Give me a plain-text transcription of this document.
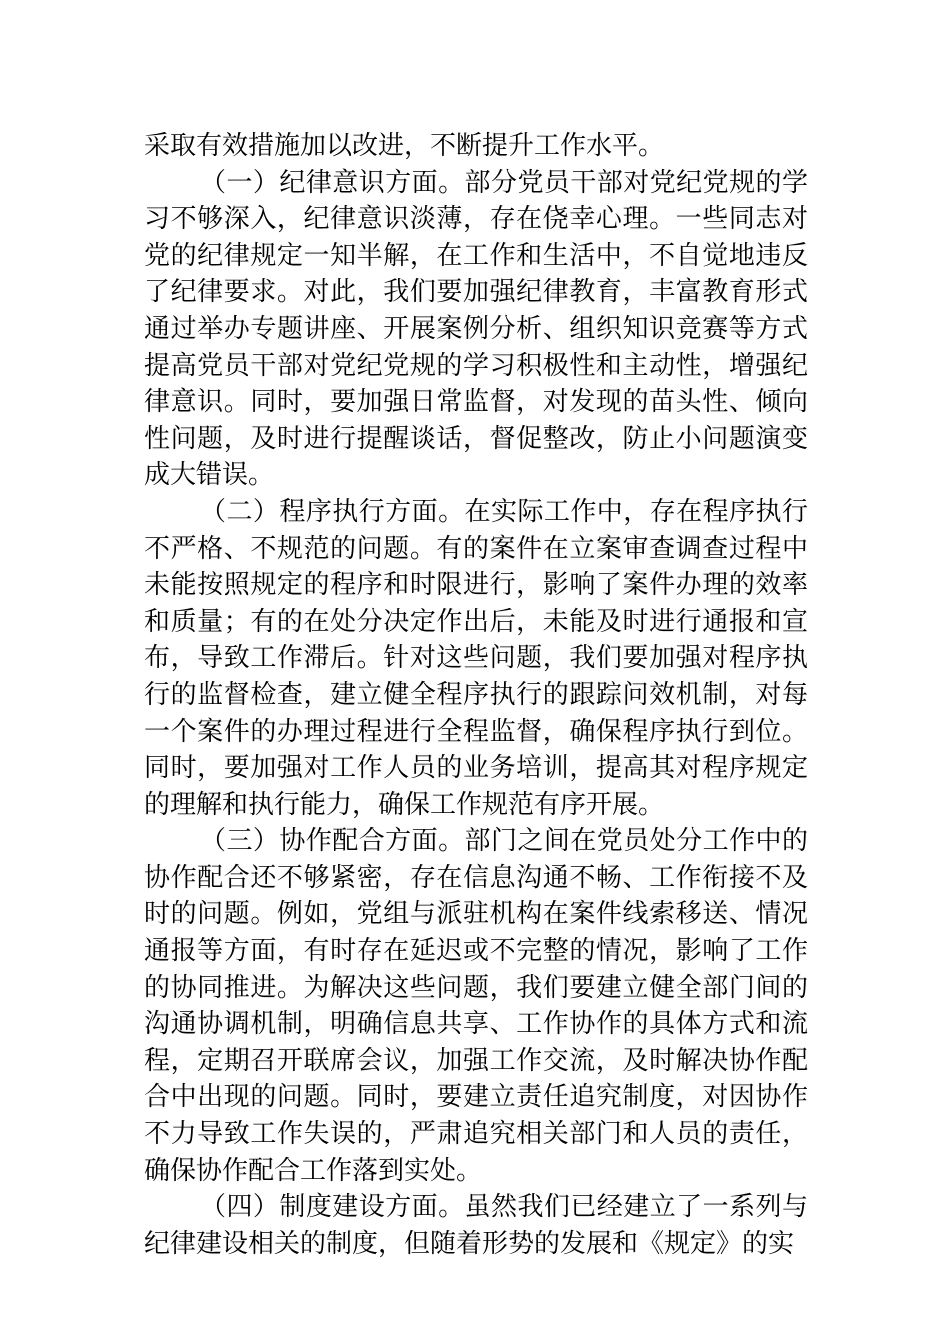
采取有效措施加以改进，不断提升工作水平。

（一）纪律意识方面。部分党员干部对党纪党规的学习不够深入，纪律意识淡薄，存在侥幸心理。一些同志对党的纪律规定一知半解，在工作和生活中，不自觉地违反了纪律要求。对此，我们要加强纪律教育，丰富教育形式通过举办专题讲座、开展案例分析、组织知识竞赛等方式提高党员干部对党纪党规的学习积极性和主动性，增强纪律意识。同时，要加强日常监督，对发现的苗头性、倾向性问题，及时进行提醒谈话，督促整改，防止小问题演变成大错误。

（二）程序执行方面。在实际工作中，存在程序执行不严格、不规范的问题。有的案件在立案审查调查过程中未能按照规定的程序和时限进行，影响了案件办理的效率和质量；有的在处分决定作出后，未能及时进行通报和宣布，导致工作滞后。针对这些问题，我们要加强对程序执行的监督检查，建立健全程序执行的跟踪问效机制，对每一个案件的办理过程进行全程监督，确保程序执行到位。同时，要加强对工作人员的业务培训，提高其对程序规定的理解和执行能力，确保工作规范有序开展。

（三）协作配合方面。部门之间在党员处分工作中的协作配合还不够紧密，存在信息沟通不畅、工作衔接不及时的问题。例如，党组与派驻机构在案件线索移送、情况通报等方面，有时存在延迟或不完整的情况，影响了工作的协同推进。为解决这些问题，我们要建立健全部门间的沟通协调机制，明确信息共享、工作协作的具体方式和流程，定期召开联席会议，加强工作交流，及时解决协作配合中出现的问题。同时，要建立责任追究制度，对因协作不力导致工作失误的，严肃追究相关部门和人员的责任，确保协作配合工作落到实处。

（四）制度建设方面。虽然我们已经建立了一系列与纪律建设相关的制度，但随着形势的发展和《规定》的实
